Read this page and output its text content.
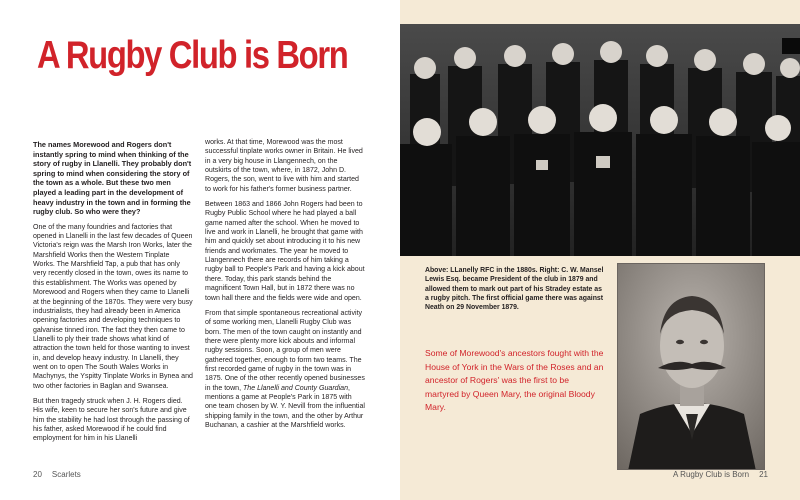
A Rugby Club is Born

The names Morewood and Rogers don't instantly spring to mind when thinking of the story of rugby in Llanelli. They probably don't spring to mind when considering the story of the town as a whole. But these two men played a leading part in the development of heavy industry in the town and in forming the rugby club. So who were they?

One of the many foundries and factories that opened in Llanelli in the last few decades of Queen Victoria's reign was the Marsh Iron Works, later the Marshfield Works then the Western Tinplate Works. The Marshfield Tap, a pub that has only very recently closed in the town, owes its name to this establishment. The Works was opened by Morewood and Rogers when they came to Llanelli at the beginning of the 1870s. They were very busy industrialists, they had already been in America opening factories and developing techniques to galvanise tinned iron. The fact they then came to Llanelli to ply their trade shows what kind of attraction the town held for those wanting to invest in, and develop heavy industry. In Llanelli, they went on to open The South Wales Works in Machynys, the Yspitty Tinplate Works in Bynea and two other factories in Baglan and Swansea.

But then tragedy struck when J. H. Rogers died. His wife, keen to secure her son's future and give him the stability he had lost through the passing of his father, asked Morewood if he could find employment for him in his Llanelli

works. At that time, Morewood was the most successful tinplate works owner in Britain. He lived in a very big house in Llangennech, on the outskirts of the town, where, in 1872, John D. Rogers, the son, went to live with him and started to work for his father's former business partner.

Between 1863 and 1866 John Rogers had been to Rugby Public School where he had played a ball game named after the school. When he moved to live and work in Llanelli, he brought that game with him and quickly set about introducing it to his new friends and workmates. The year he moved to Llangennech there are records of him taking a rugby ball to People's Park and having a kick about there. Today, this park stands behind the magnificent Town Hall, but in 1872 there was no town hall there and the fields were wide and open.

From that simple spontaneous recreational activity of some working men, Llanelli Rugby Club was born. The men of the town caught on instantly and there were plenty more kick abouts and informal rugby sessions. Soon, a group of men were gathered together, enough to form two teams. The first recorded game of rugby in the town was in 1875. One of the other recently opened businesses in the town, The Llanelli and County Guardian, mentions a game at People's Park in 1875 with one team chosen by W. Y. Nevill from the influential shipping family in the town, and the other by Arthur Buchanan, a cashier at the Marshfield works.

20 Scarlets
Above: LLanelly RFC in the 1880s. Right: C. W. Mansel Lewis Esq. became President of the club in 1879 and allowed them to mark out part of his Stradey estate as a rugby pitch. The first official game there was against Neath on 29 November 1879.
Some of Morewood's ancestors fought with the House of York in the Wars of the Roses and an ancestor of Rogers' was the first to be martyred by Queen Mary, the original Bloody Mary.
A Rugby Club is Born 21
